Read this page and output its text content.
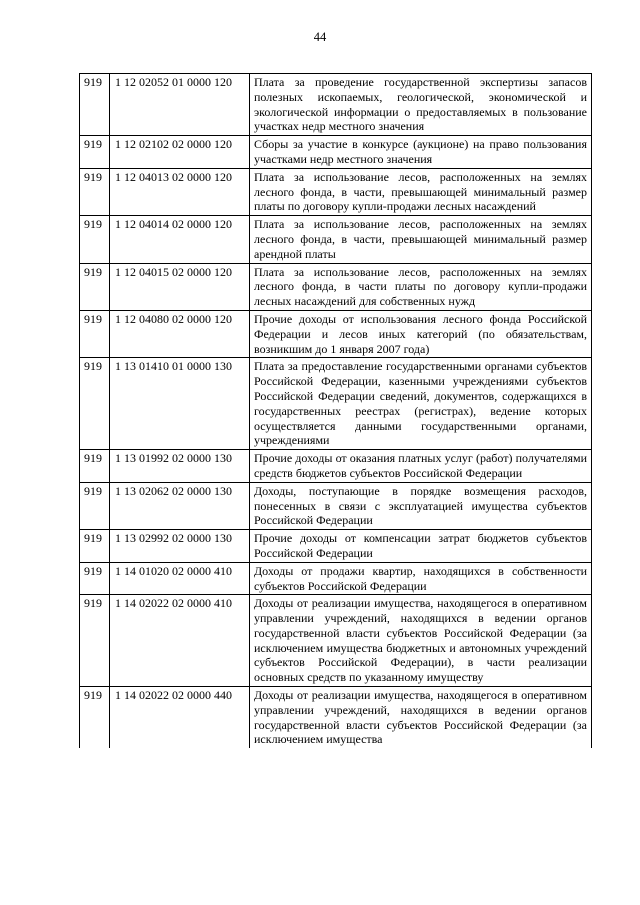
44
919	1 12 02052 01 0000 120	Плата за проведение государственной экспертизы запасов полезных ископаемых, геологической, экономической и экологической информации о предоставляемых в пользование участках недр местного значения
919	1 12 02102 02 0000 120	Сборы за участие в конкурсе (аукционе) на право пользования участками недр местного значения
919	1 12 04013 02 0000 120	Плата за использование лесов, расположенных на землях лесного фонда, в части, превышающей минимальный размер платы по договору купли-продажи лесных насаждений
919	1 12 04014 02 0000 120	Плата за использование лесов, расположенных на землях лесного фонда, в части, превышающей минимальный размер арендной платы
919	1 12 04015 02 0000 120	Плата за использование лесов, расположенных на землях лесного фонда, в части платы по договору купли-продажи лесных насаждений для собственных нужд
919	1 12 04080 02 0000 120	Прочие доходы от использования лесного фонда Российской Федерации и лесов иных категорий (по обязательствам, возникшим до 1 января 2007 года)
919	1 13 01410 01 0000 130	Плата за предоставление государственными органами субъектов Российской Федерации, казенными учреждениями субъектов Российской Федерации сведений, документов, содержащихся в государственных реестрах (регистрах), ведение которых осуществляется данными государственными органами, учреждениями
919	1 13 01992 02 0000 130	Прочие доходы от оказания платных услуг (работ) получателями средств бюджетов субъектов Российской Федерации
919	1 13 02062 02 0000 130	Доходы, поступающие в порядке возмещения расходов, понесенных в связи с эксплуатацией имущества субъектов Российской Федерации
919	1 13 02992 02 0000 130	Прочие доходы от компенсации затрат бюджетов субъектов Российской Федерации
919	1 14 01020 02 0000 410	Доходы от продажи квартир, находящихся в собственности субъектов Российской Федерации
919	1 14 02022 02 0000 410	Доходы от реализации имущества, находящегося в оперативном управлении учреждений, находящихся в ведении органов государственной власти субъектов Российской Федерации (за исключением имущества бюджетных и автономных учреждений субъектов Российской Федерации), в части реализации основных средств по указанному имуществу
919	1 14 02022 02 0000 440	Доходы от реализации имущества, находящегося в оперативном управлении учреждений, находящихся в ведении органов государственной власти субъектов Российской Федерации (за исключением имущества
